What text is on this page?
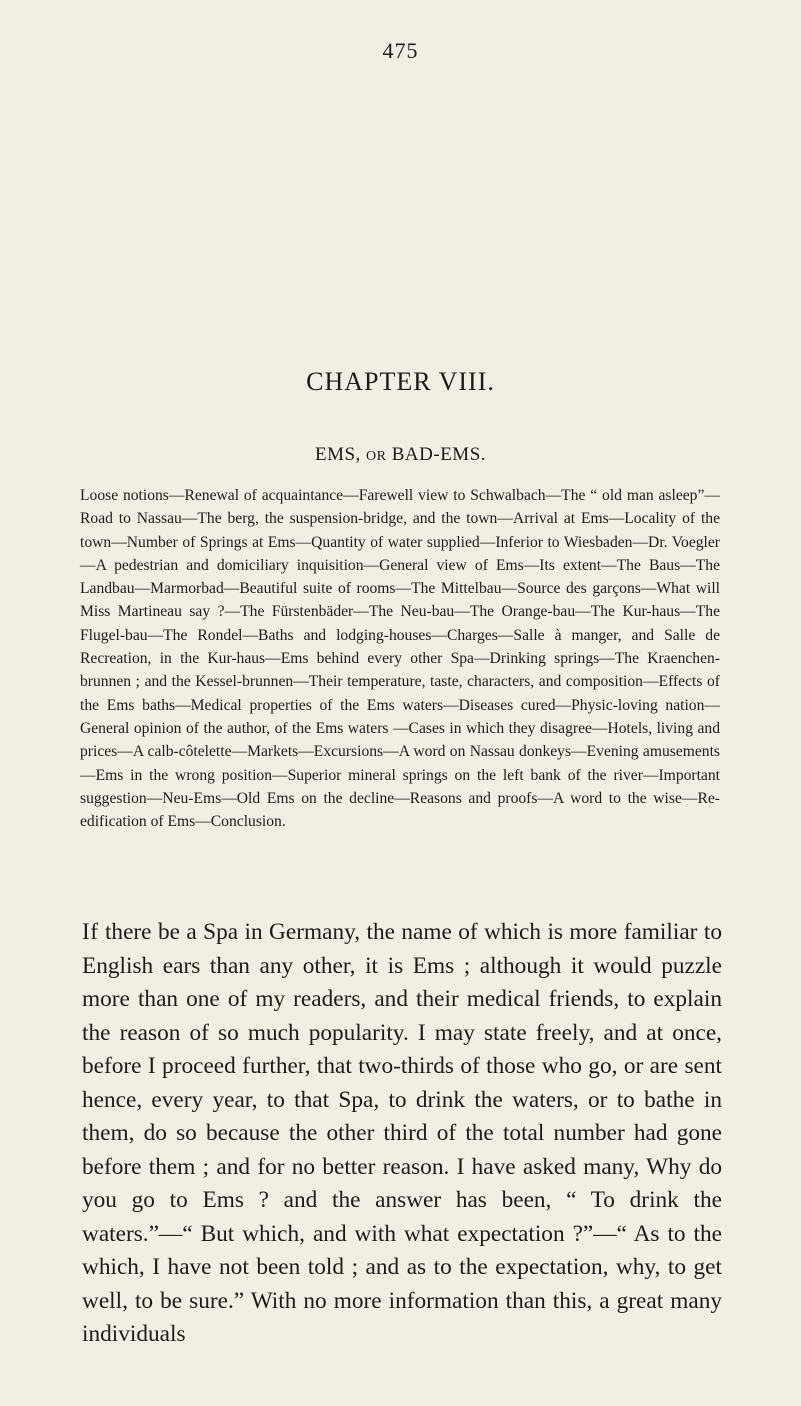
475
CHAPTER VIII.
EMS, OR BAD-EMS.
Loose notions—Renewal of acquaintance—Farewell view to Schwalbach—The “ old man asleep”—Road to Nassau—The berg, the suspension-bridge, and the town—Arrival at Ems—Locality of the town—Number of Springs at Ems—Quantity of water supplied—Inferior to Wiesbaden—Dr. Voegler—A pedestrian and domiciliary inquisition—General view of Ems—Its extent—The Baus—The Landbau—Marmorbad—Beautiful suite of rooms—The Mittelbau—Source des garçons—What will Miss Martineau say ?—The Fürstenbäder—The Neu-bau—The Orange-bau—The Kur-haus—The Flugel-bau—The Rondel—Baths and lodging-houses—Charges—Salle à manger, and Salle de Recreation, in the Kur-haus—Ems behind every other Spa—Drinking springs—The Kraenchen-brunnen ; and the Kessel-brunnen—Their temperature, taste, characters, and composition—Effects of the Ems baths—Medical properties of the Ems waters—Diseases cured—Physic-loving nation—General opinion of the author, of the Ems waters —Cases in which they disagree—Hotels, living and prices—A calb-côtelette—Markets—Excursions—A word on Nassau donkeys—Evening amusements—Ems in the wrong position—Superior mineral springs on the left bank of the river—Important suggestion—Neu-Ems—Old Ems on the decline—Reasons and proofs—A word to the wise—Re-edification of Ems—Conclusion.
If there be a Spa in Germany, the name of which is more familiar to English ears than any other, it is Ems ; although it would puzzle more than one of my readers, and their medical friends, to explain the reason of so much popularity. I may state freely, and at once, before I proceed further, that two-thirds of those who go, or are sent hence, every year, to that Spa, to drink the waters, or to bathe in them, do so because the other third of the total number had gone before them ; and for no better reason. I have asked many, Why do you go to Ems ? and the answer has been, “ To drink the waters.”—“ But which, and with what expectation ?”—“ As to the which, I have not been told ; and as to the expectation, why, to get well, to be sure.” With no more information than this, a great many individuals
